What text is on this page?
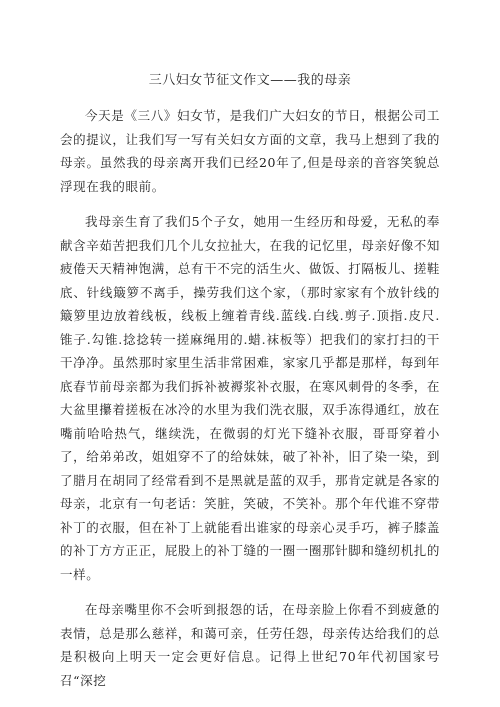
三八妇女节征文作文——我的母亲

今天是《三八》妇女节，是我们广大妇女的节日，根据公司工会的提议，让我们写一写有关妇女方面的文章，我马上想到了我的母亲。虽然我的母亲离开我们已经20年了,但是母亲的音容笑貌总浮现在我的眼前。

我母亲生育了我们5个子女，她用一生经历和母爱，无私的奉献含辛茹苦把我们几个儿女拉扯大，在我的记忆里，母亲好像不知疲倦天天精神饱满，总有干不完的活生火、做饭、打隔板儿、搓鞋底、针线簸箩不离手，操劳我们这个家，（那时家家有个放针线的簸箩里边放着线板，线板上缠着青线.蓝线.白线.剪子.顶指.皮尺.锥子.勾锥.捻捻转一搓麻绳用的.蜡.袜板等）把我们的家打扫的干干净净。虽然那时家里生活非常困难，家家几乎都是那样，每到年底春节前母亲都为我们拆补被褥浆补衣服，在寒风刺骨的冬季，在大盆里攥着搓板在冰冷的水里为我们洗衣服，双手冻得通红，放在嘴前哈哈热气，继续洗，在微弱的灯光下缝补衣服，哥哥穿着小了，给弟弟改，姐姐穿不了的给妹妹，破了补补，旧了染一染，到了腊月在胡同了经常看到不是黑就是蓝的双手，那肯定就是各家的母亲，北京有一句老话：笑脏，笑破，不笑补。那个年代谁不穿带补丁的衣服，但在补丁上就能看出谁家的母亲心灵手巧，裤子膝盖的补丁方方正正，屁股上的补丁缝的一圈一圈那针脚和缝纫机扎的一样。

在母亲嘴里你不会听到报怨的话，在母亲脸上你看不到疲惫的表情，总是那么慈祥，和蔼可亲，任劳任怨，母亲传达给我们的总是积极向上明天一定会更好信息。记得上世纪70年代初国家号召“深挖
